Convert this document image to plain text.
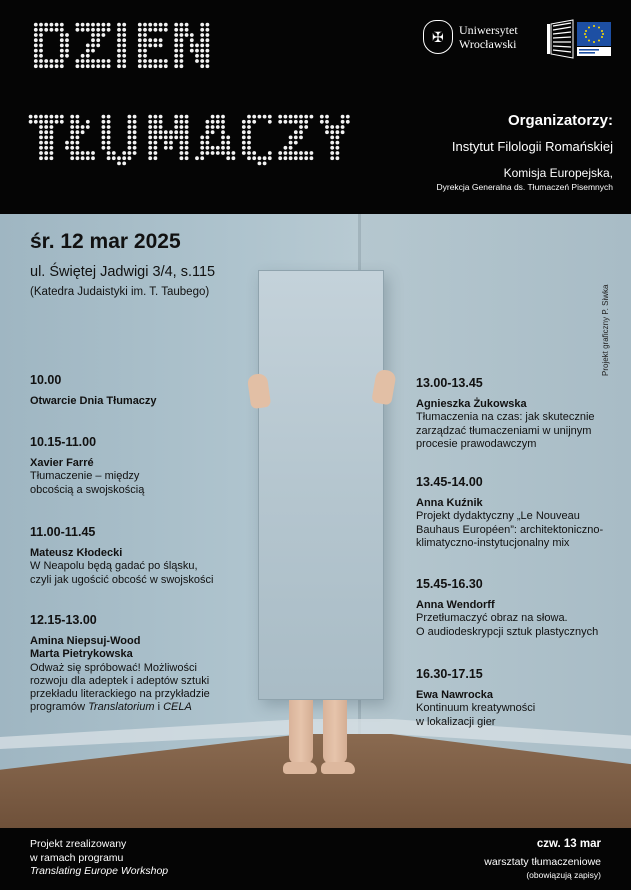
✠	Uniwersytet
Wrocławski
Organizatorzy:
Instytut Filologii Romańskiej
Komisja Europejska,
Dyrekcja Generalna ds. Tłumaczeń Pisemnych
śr. 12 mar 2025
ul. Świętej Jadwigi 3/4, s.115
(Katedra Judaistyki im. T. Taubego)	Projekt graficzny P. Siwka
10.00
Otwarcie Dnia Tłumaczy
10.15-11.00
Xavier Farré
Tłumaczenie – między
obcością a swojskością
11.00-11.45
Mateusz Kłodecki
W Neapolu będą gadać po śląsku,
czyli jak ugościć obcość w swojskości
12.15-13.00
Amina Niepsuj-Wood
Marta Pietrykowska
Odważ się spróbować! Możliwości
rozwoju dla adeptek i adeptów sztuki
przekładu literackiego na przykładzie
programów Translatorium i CELA
13.00-13.45
Agnieszka Żukowska
Tłumaczenia na czas: jak skutecznie
zarządzać tłumaczeniami w unijnym
procesie prawodawczym
13.45-14.00
Anna Kuźnik
Projekt dydaktyczny „Le Nouveau
Bauhaus Européen”: architektoniczno-
klimatyczno-instytucjonalny mix
15.45-16.30
Anna Wendorff
Przetłumaczyć obraz na słowa.
O audiodeskrypcji sztuk plastycznych
16.30-17.15
Ewa Nawrocka
Kontinuum kreatywności
w lokalizacji gier
Projekt zrealizowany
w ramach programu
Translating Europe Workshop
czw. 13 mar
warsztaty tłumaczeniowe
(obowiązują zapisy)
